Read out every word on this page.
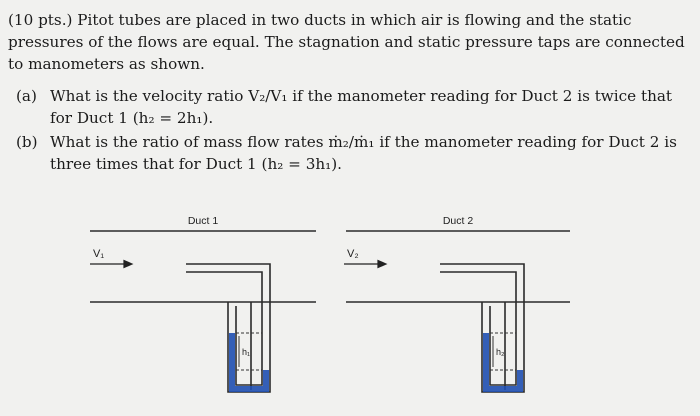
(10 pts.) Pitot tubes are placed in two ducts in which air is flowing and the static pressures of the flows are equal. The stagnation and static pressure taps are connected to manometers as shown.

(a) What is the velocity ratio V₂/V₁ if the manometer reading for Duct 2 is twice that for Duct 1 (h₂ = 2h₁).
(b) What is the ratio of mass flow rates ṁ₂/ṁ₁ if the manometer reading for Duct 2 is three times that for Duct 1 (h₂ = 3h₁).
Duct 1	Duct 2
V₁	V₂
h₁	h₂
